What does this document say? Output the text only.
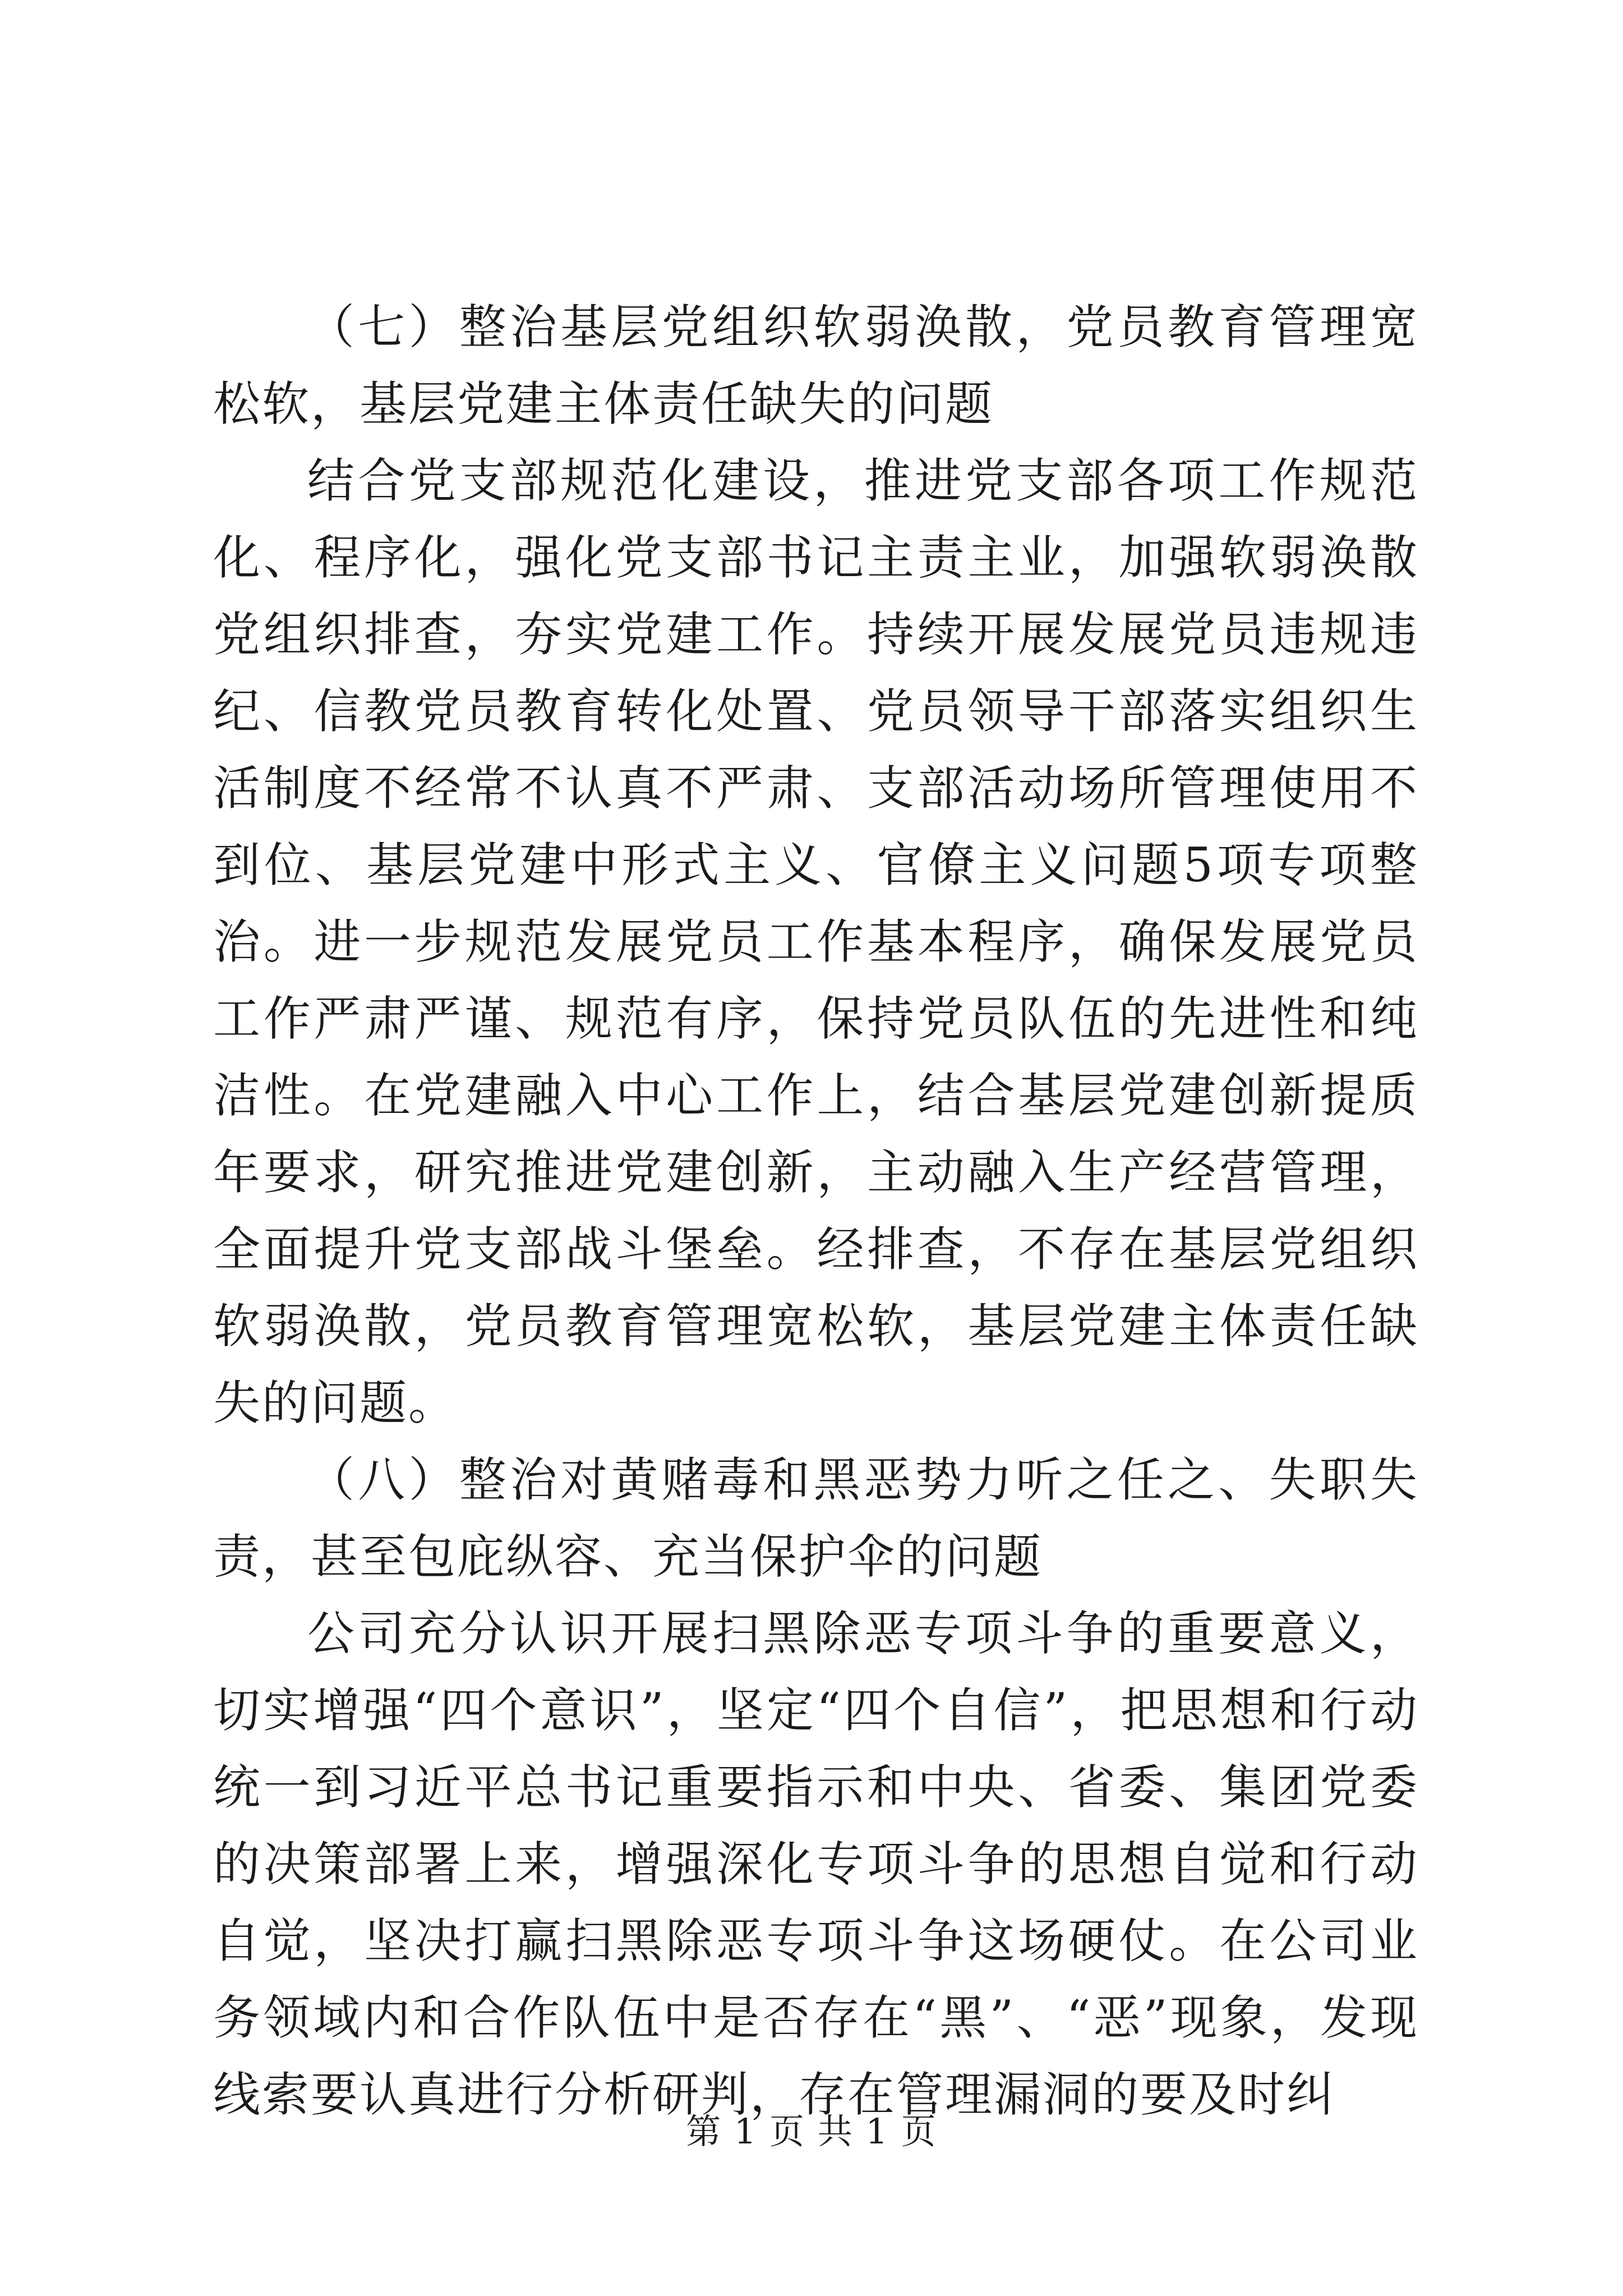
（七）整治基层党组织软弱涣散，党员教育管理宽松软，基层党建主体责任缺失的问题

结合党支部规范化建设，推进党支部各项工作规范化、程序化，强化党支部书记主责主业，加强软弱涣散党组织排查，夯实党建工作。持续开展发展党员违规违纪、信教党员教育转化处置、党员领导干部落实组织生活制度不经常不认真不严肃、支部活动场所管理使用不到位、基层党建中形式主义、官僚主义问题5项专项整治。进一步规范发展党员工作基本程序，确保发展党员工作严肃严谨、规范有序，保持党员队伍的先进性和纯洁性。在党建融入中心工作上，结合基层党建创新提质年要求，研究推进党建创新，主动融入生产经营管理，全面提升党支部战斗堡垒。经排查，不存在基层党组织软弱涣散，党员教育管理宽松软，基层党建主体责任缺失的问题。

（八）整治对黄赌毒和黑恶势力听之任之、失职失责，甚至包庇纵容、充当保护伞的问题

公司充分认识开展扫黑除恶专项斗争的重要意义，切实增强“四个意识”，坚定“四个自信”，把思想和行动统一到习近平总书记重要指示和中央、省委、集团党委的决策部署上来，增强深化专项斗争的思想自觉和行动自觉，坚决打赢扫黑除恶专项斗争这场硬仗。在公司业务领域内和合作队伍中是否存在“黑”、“恶”现象，发现线索要认真进行分析研判，存在管理漏洞的要及时纠

第 1 页 共 1 页
